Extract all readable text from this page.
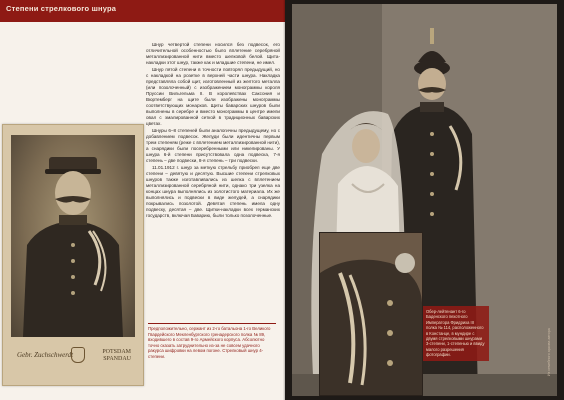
Степени стрелкового шнура

Шнур четвертой степени носился без подвесок, его отличительной особенностью было вплетение серебряной металлизированной нити вместо шелковой белой. Щита-накладки этот шнур, также как и младшие степени, не имел.

Шнур пятой степени в точности повторял предыдущий, но с накладкой на розетке в верхней части шнура. Накладка представляла собой щит, изготовленный из желтого металла (или позолоченный) с изображением монограммы короля Пруссии Вильгельма II. В королевствах Саксония и Вюртемберг на щите были изображены монограммы соответствующих монархов. Щиты баварских шнуров были выполнены в серебре и вместо монограммы в центре имели овал с эмалированной сеткой в традиционных баварских цветах.

Шнуры 6–8 степеней были аналогичны предыдущему, но с добавлением подвесок. Желуди были идентичны первым трем степеням (реже с вплетением металлизированной нити), а снарядики были посеребренными или никелированы. У шнура 6-й степени присутствовала одна подвеска, 7-я степень – две подвески, 8-я степень – три подвески.

11.01.1912 г. шнур за меткую стрельбу приобрел еще две степени – девятую и десятую. Высшие степени стрелковых шнуров также изготавливались из шелка с вплетением металлизированной серебряной нити, однако три узелка на концах шнура выполнялись из золотистого материала. Их же выполнялись и подвески в виде желудей, а снарядики покрывались позолотой. Девятая степень имела одну подвеску, десятая – две. Щитки-накладки всех германских государств, включая Баварию, были только позолоченные.

Gebr. Zuchschwerdt	POTSDAM
SPANDAU
Предположительно, сержант из 2-го батальона 1-го Великого Гвардейского Мекленбургского гренадерского полка № 89, входившего в состав 9-го Армейского корпуса. Абсолютно точно сказать затруднительно из-за не совсем удачного ракурса шифровки на левом погоне. Стрелковый шнур 4-степени.
Обер-лейтенант 6-го Баденского пехотного Императора Фридриха III полка № 114, расположенного в Констанце, в мундире с двумя стрелковыми шнурами 3-степени, 1-степенью и ввиду малого разрешения фотографии.	Из семейного архива автора
